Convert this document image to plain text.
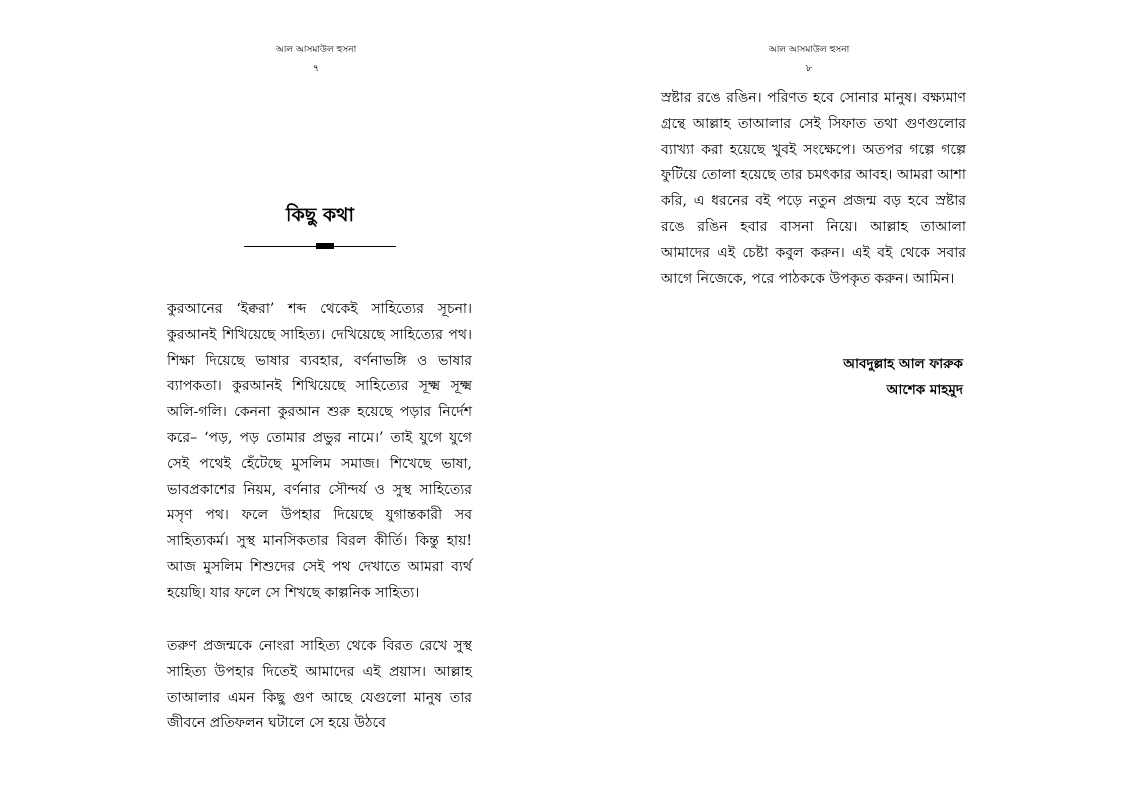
আল আসমাউল হুসনা
৭
কিছু কথা

কুরআনের ‘ইক্বরা’ শব্দ থেকেই সাহিত্যের সূচনা। কুরআনই শিখিয়েছে সাহিত্য। দেখিয়েছে সাহিত্যের পথ। শিক্ষা দিয়েছে ভাষার ব্যবহার, বর্ণনাভঙ্গি ও ভাষার ব্যাপকতা। কুরআনই শিখিয়েছে সাহিত্যের সূক্ষ্ম সূক্ষ্ম অলি-গলি। কেননা কুরআন শুরু হয়েছে পড়ার নির্দেশ করে– ‘পড়, পড় তোমার প্রভুর নামে।’ তাই যুগে যুগে সেই পথেই হেঁটেছে মুসলিম সমাজ। শিখেছে ভাষা, ভাবপ্রকাশের নিয়ম, বর্ণনার সৌন্দর্য ও সুস্থ সাহিত্যের মসৃণ পথ। ফলে উপহার দিয়েছে যুগান্তকারী সব সাহিত্যকর্ম। সুস্থ মানসিকতার বিরল কীর্তি। কিন্তু হায়! আজ মুসলিম শিশুদের সেই পথ দেখাতে আমরা ব্যর্থ হয়েছি। যার ফলে সে শিখছে কাল্পনিক সাহিত্য।

তরুণ প্রজন্মকে নোংরা সাহিত্য থেকে বিরত রেখে সুস্থ সাহিত্য উপহার দিতেই আমাদের এই প্রয়াস। আল্লাহ তাআলার এমন কিছু গুণ আছে যেগুলো মানুষ তার জীবনে প্রতিফলন ঘটালে সে হয়ে উঠবে

আল আসমাউল হুসনা
৮

স্রষ্টার রঙে রঙিন। পরিণত হবে সোনার মানুষ। বক্ষ্যমাণ গ্রন্থে আল্লাহ তাআলার সেই সিফাত তথা গুণগুলোর ব্যাখ্যা করা হয়েছে খুবই সংক্ষেপে। অতপর গল্পে গল্পে ফুটিয়ে তোলা হয়েছে তার চমৎকার আবহ। আমরা আশা করি, এ ধরনের বই পড়ে নতুন প্রজন্ম বড় হবে স্রষ্টার রঙে রঙিন হবার বাসনা নিয়ে। আল্লাহ তাআলা আমাদের এই চেষ্টা কবুল করুন। এই বই থেকে সবার আগে নিজেকে, পরে পাঠককে উপকৃত করুন। আমিন।

আবদুল্লাহ আল ফারুক
আশেক মাহমুদ
